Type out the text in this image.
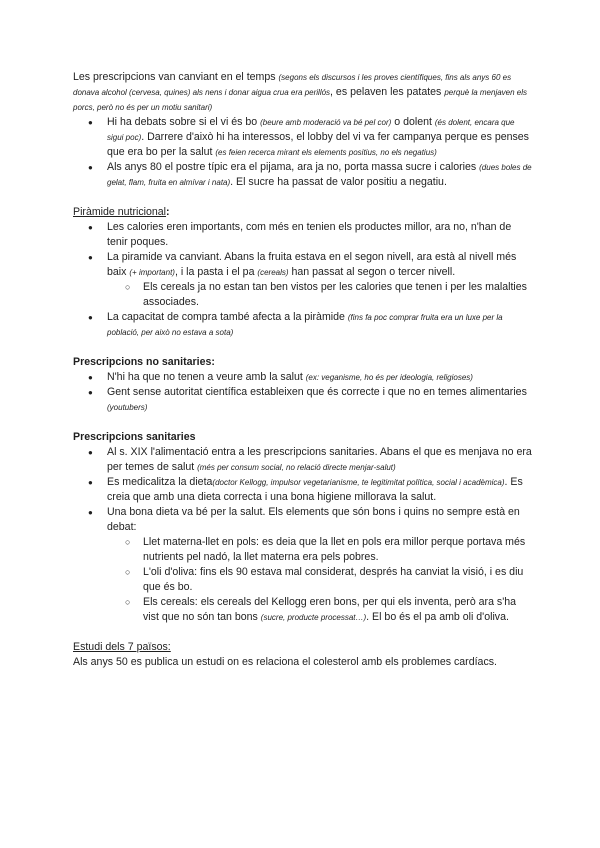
Les prescripcions van canviant en el temps (segons els discursos i les proves científiques, fins als anys 60 es donava alcohol (cervesa, quines) als nens i donar aigua crua era perillós, es pelaven les patates perquè la menjaven els porcs, però no és per un motiu sanitari)

● Hi ha debats sobre si el vi és bo (beure amb moderació va bé pel cor) o dolent (és dolent, encara que sigui poc). Darrere d'això hi ha interessos, el lobby del vi va fer campanya perque es penses que era bo per la salut (es feien recerca mirant els elements positius, no els negatius)
● Als anys 80 el postre típic era el pijama, ara ja no, porta massa sucre i calories (dues boles de gelat, flam, fruita en almívar i nata). El sucre ha passat de valor positiu a negatiu.

Piràmide nutricional:

● Les calories eren importants, com més en tenien els productes millor, ara no, n'han de tenir poques.
● La piramide va canviant. Abans la fruita estava en el segon nivell, ara està al nivell més baix (+ important), i la pasta i el pa (cereals) han passat al segon o tercer nivell.
○ Els cereals ja no estan tan ben vistos per les calories que tenen i per les malalties associades.
● La capacitat de compra també afecta a la piràmide (fins fa poc comprar fruita era un luxe per la població, per això no estava a sota)

Prescripcions no sanitaries:

● N'hi ha que no tenen a veure amb la salut (ex: veganisme, ho és per ideologia, religioses)
● Gent sense autoritat científica estableixen que és correcte i que no en temes alimentaries (youtubers)

Prescripcions sanitaries

● Al s. XIX l'alimentació entra a les prescripcions sanitaries. Abans el que es menjava no era per temes de salut (més per consum social, no relació directe menjar-salut)
● Es medicalitza la dieta(doctor Kellogg, impulsor vegetarianisme, te legitimitat política, social i acadèmica). Es creia que amb una dieta correcta i una bona higiene millorava la salut.
● Una bona dieta va bé per la salut. Els elements que són bons i quins no sempre està en debat:
○ Llet materna-llet en pols: es deia que la llet en pols era millor perque portava més nutrients pel nadó, la llet materna era pels pobres.
○ L'oli d'oliva: fins els 90 estava mal considerat, després ha canviat la visió, i es diu que és bo.
○ Els cereals: els cereals del Kellogg eren bons, per qui els inventa, però ara s'ha vist que no són tan bons (sucre, producte processat…). El bo és el pa amb oli d'oliva.

Estudi dels 7 països:

Als anys 50 es publica un estudi on es relaciona el colesterol amb els problemes cardíacs.
